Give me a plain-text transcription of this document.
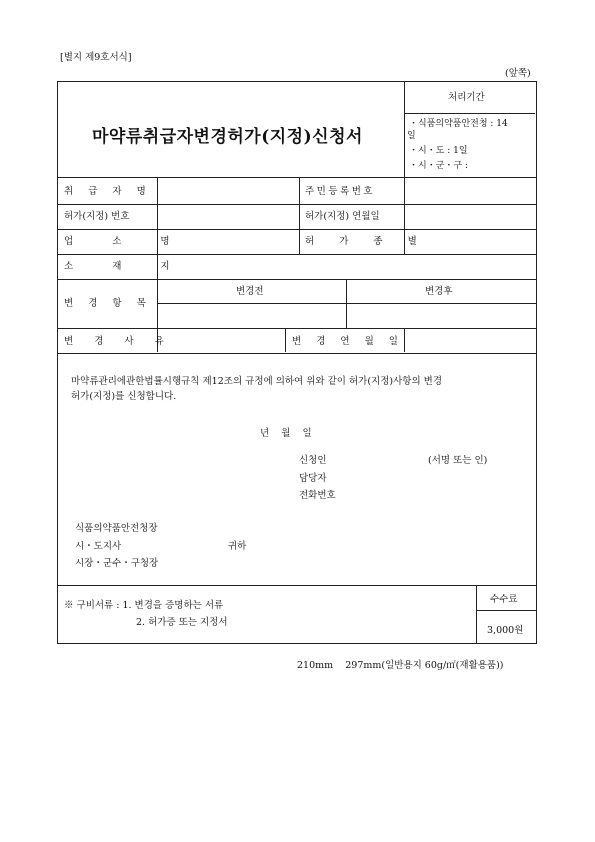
[별지 제9호서식]
(앞쪽)
마약류취급자변경허가(지정)신청서
처리기간
・식품의약품안전청 : 14
일
・시・도 : 1일
・시・군・구 :
취 급 자 명	주민등록번호
허가(지정) 번호	허가(지정) 연월일
업 소 명	허 가 종 별
소 재 지
변 경 항 목
변경전	변경후
변 경 사 유	변 경 연 월 일
마약류관리에관한법률시행규칙 제12조의 규정에 의하여 위와 같이 허가(지정)사항의 변경
허가(지정)를 신청합니다.
년    월    일
신청인	(서명 또는 인)
담당자
전화번호
식품의약품안전청장
시・도지사	귀하
시장・군수・구청장
※ 구비서류 : 1. 변경을 증명하는 서류
2. 허가증 또는 지정서
수수료
3,000원
210mm    297mm(일반용지 60g/㎡(재활용품))
